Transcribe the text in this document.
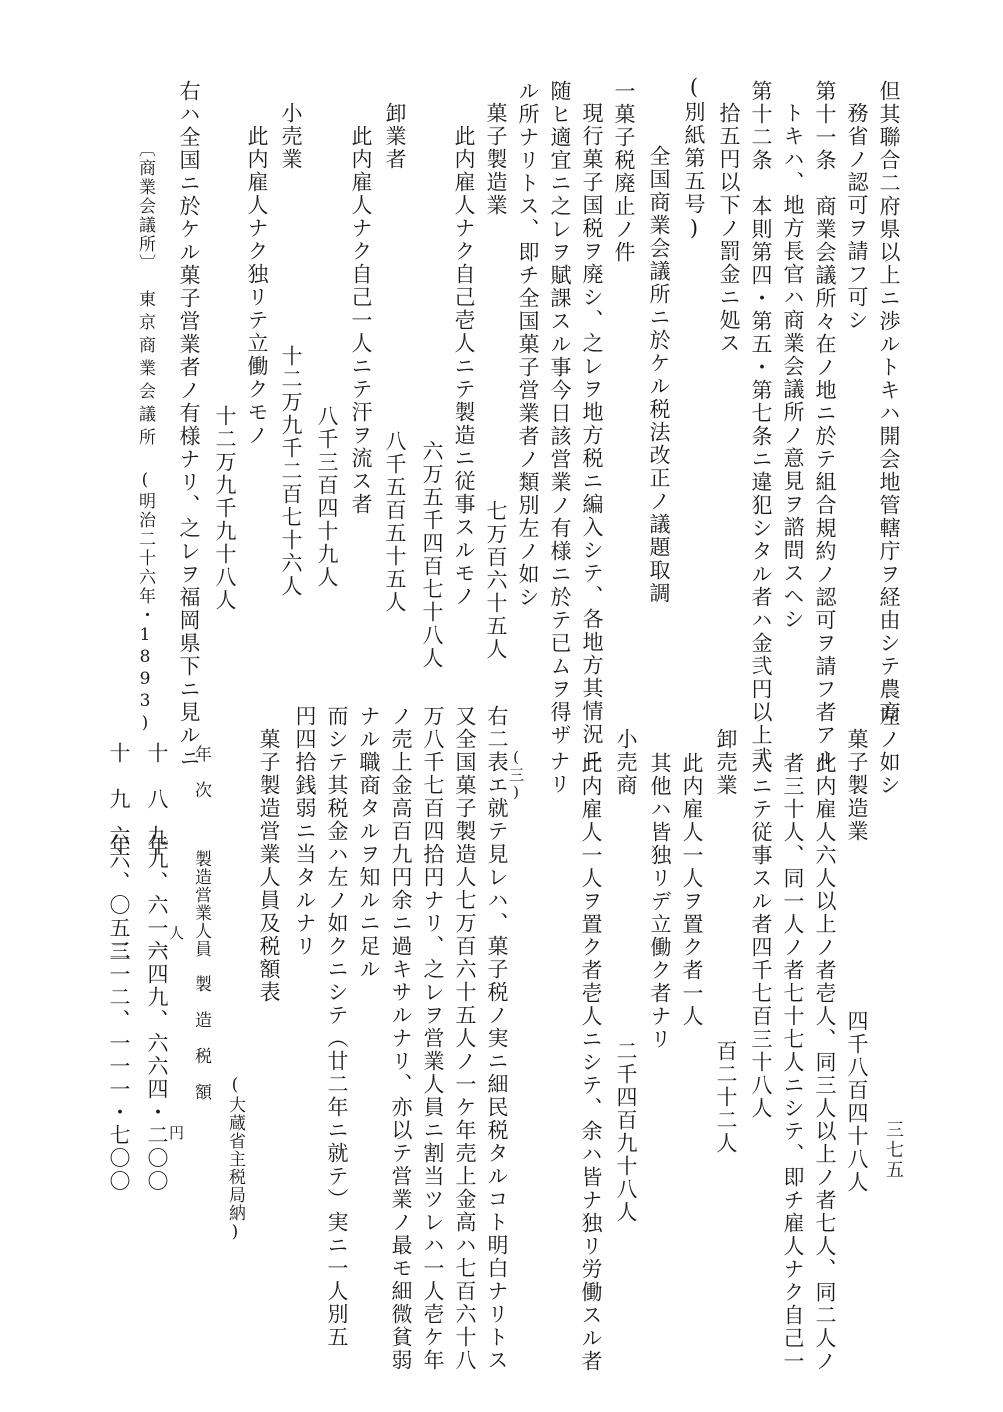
但其聯合二府県以上ニ渉ルトキハ開会地管轄庁ヲ経由シテ農商
務省ノ認可ヲ請フ可シ
第十一条　商業会議所々在ノ地ニ於テ組合規約ノ認可ヲ請フ者アル
トキハ、地方長官ハ商業会議所ノ意見ヲ諮問スヘシ
第十二条　本則第四・第五・第七条ニ違犯シタル者ハ金弐円以上弐
拾五円以下ノ罰金ニ処ス
(別紙第五号)
全国商業会議所ニ於ケル税法改正ノ議題取調
一菓子税廃止ノ件
現行菓子国税ヲ廃シ、之レヲ地方税ニ編入シテ、各地方其情況ニ
随ヒ適宜ニ之レヲ賦課スル事今日該営業ノ有様ニ於テ已ムヲ得ザ
ル所ナリトス、即チ全国菓子営業者ノ類別左ノ如シ
菓子製造業
七万百六十五人
此内雇人ナク自己壱人ニテ製造ニ従事スルモノ
六万五千四百七十八人
卸業者
八千五百五十五人
此内雇人ナク自己一人ニテ汗ヲ流ス者
八千三百四十九人
小売業
十二万九千二百七十六人
此内雇人ナク独リテ立働クモノ
十二万九千九十八人
右ハ全国ニ於ケル菓子営業者ノ有様ナリ、之レヲ福岡県下ニ見ルニ
〔商業会議所〕
東京商業会議所
(明治二十六年・1893)
左ノ如シ
菓子製造業
四千八百四十八人
此内雇人六人以上ノ者壱人、同三人以上ノ者七人、同二人ノ
者三十人、同一人ノ者七十七人ニシテ、即チ雇人ナク自己一
人ニテ従事スル者四千七百三十八人
卸売業
百二十二人
此内雇人一人ヲ置ク者一人
其他ハ皆独リデ立働ク者ナリ
小売商
二千四百九十八人
此内雇人一人ヲ置ク者壱人ニシテ、余ハ皆ナ独リ労働スル者
ナリ
(三)
右二表エ就テ見レハ、菓子税ノ実ニ細民税タルコト明白ナリトス
又全国菓子製造人七万百六十五人ノ一ケ年売上金高ハ七百六十八
万八千七百四拾円ナリ、之レヲ営業人員ニ割当ツレハ一人壱ケ年
ノ売上金高百九円余ニ過キサルナリ、亦以テ営業ノ最モ細微貧弱
ナル職商タルヲ知ルニ足ル
而シテ其税金ハ左ノ如クニシテ（廿二年ニ就テ）実ニ一人別五
円四拾銭弱ニ当タルナリ
菓子製造営業人員及税額表
(大蔵省主税局納)
年　次
製造営業人員
製　造　税　額
十　八　年
九九、六一六
人
一四九、六六四・二〇〇
円
十　九　年
六六、〇五二
三一二、一一一・七〇〇	三七五
